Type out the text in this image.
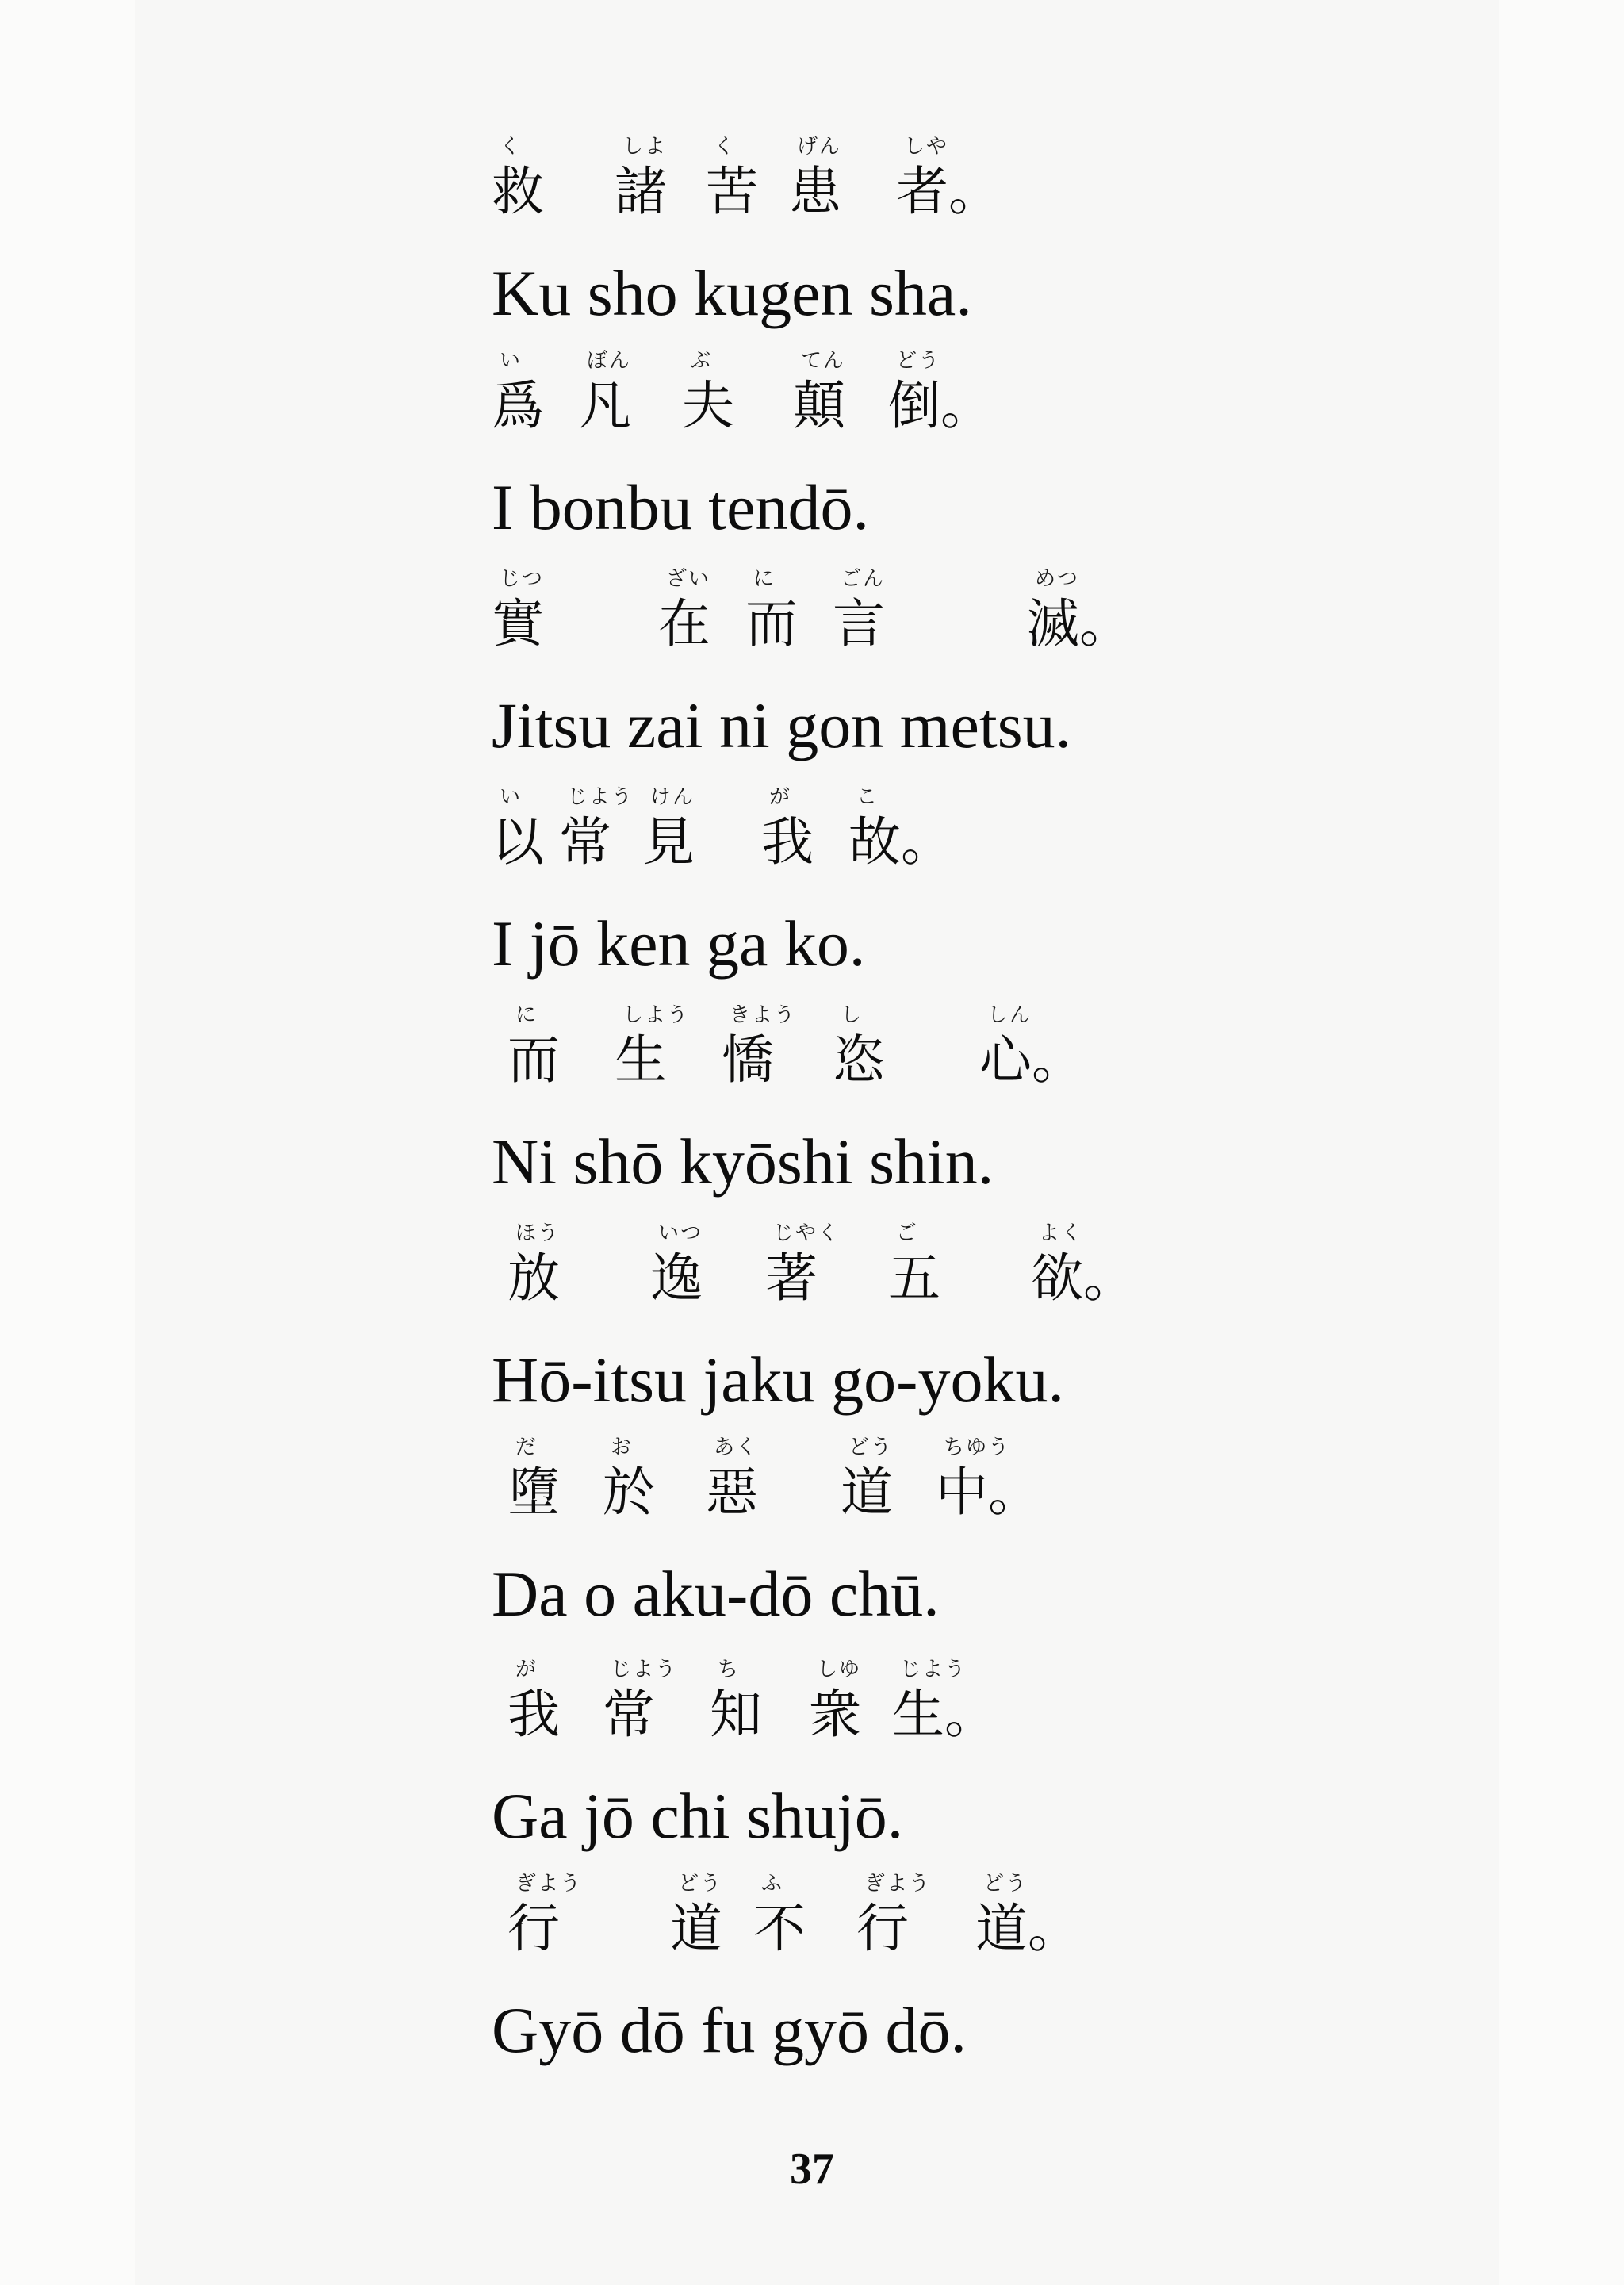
く
救
しよ
諸
く
苦
げん
患
しや
者。
Ku sho kugen sha.
い
爲
ぼん
凡
ぶ
夫
てん
顛
どう
倒。
I bonbu tendō.
じつ
實
ざい
在
に
而
ごん
言
めつ
滅。
Jitsu zai ni gon metsu.
い
以
じよう
常
けん
見
が
我
こ
故。
I jō ken ga ko.
に
而
しよう
生
きよう
憍
し
恣
しん
心。
Ni shō kyōshi shin.
ほう
放
いつ
逸
じやく
著
ご
五
よく
欲。
Hō-itsu jaku go-yoku.
だ
墮
お
於
あく
惡
どう
道
ちゆう
中。
Da o aku-dō chū.
が
我
じよう
常
ち
知
しゆ
衆
じよう
生。
Ga jō chi shujō.
ぎよう
行
どう
道
ふ
不
ぎよう
行
どう
道。
Gyō dō fu gyō dō.
37
